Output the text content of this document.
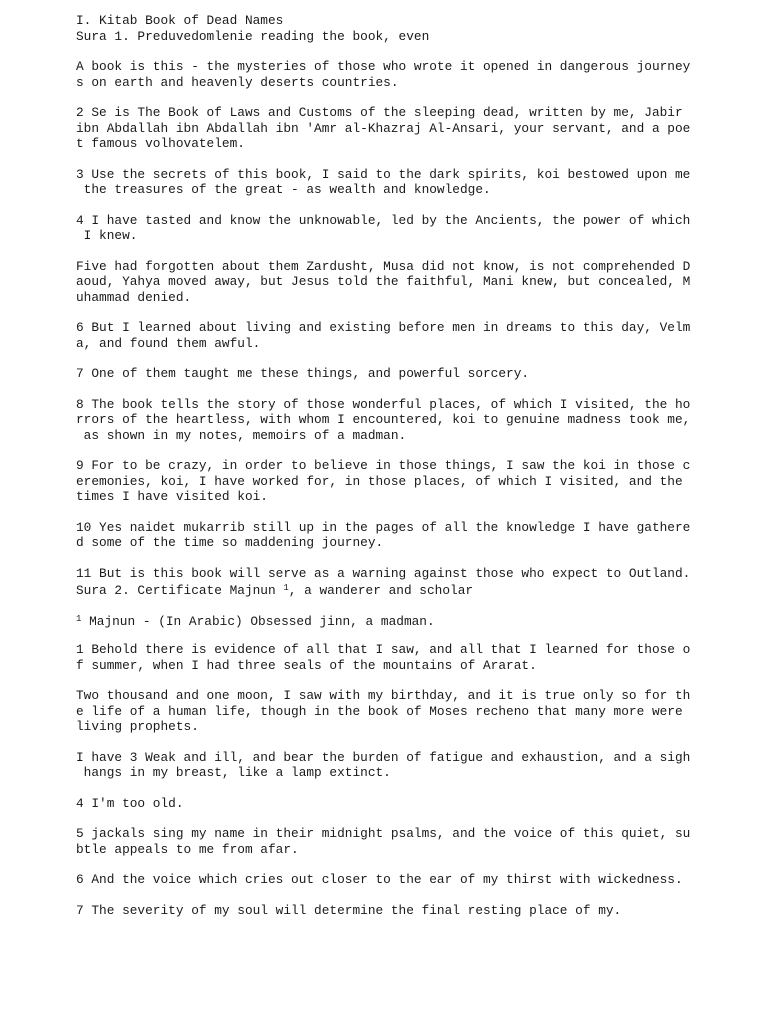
I. Kitab Book of Dead Names
Sura 1. Preduvedomlenie reading the book, even
A book is this - the mysteries of those who wrote it opened in dangerous journey
s on earth and heavenly deserts countries.
2 Se is The Book of Laws and Customs of the sleeping dead, written by me, Jabir
ibn Abdallah ibn Abdallah ibn 'Amr al-Khazraj Al-Ansari, your servant, and a poe
t famous volhovatelem.
3 Use the secrets of this book, I said to the dark spirits, koi bestowed upon me
the treasures of the great - as wealth and knowledge.
4 I have tasted and know the unknowable, led by the Ancients, the power of which
I knew.
Five had forgotten about them Zardusht, Musa did not know, is not comprehended D
aoud, Yahya moved away, but Jesus told the faithful, Mani knew, but concealed, M
uhammad denied.
6 But I learned about living and existing before men in dreams to this day, Velm
a, and found them awful.
7 One of them taught me these things, and powerful sorcery.
8 The book tells the story of those wonderful places, of which I visited, the ho
rrors of the heartless, with whom I encountered, koi to genuine madness took me,
as shown in my notes, memoirs of a madman.
9 For to be crazy, in order to believe in those things, I saw the koi in those c
eremonies, koi, I have worked for, in those places, of which I visited, and the
times I have visited koi.
10 Yes naidet mukarrib still up in the pages of all the knowledge I have gathere
d some of the time so maddening journey.
11 But is this book will serve as a warning against those who expect to Outland.
Sura 2. Certificate Majnun $^1$, a wanderer and scholar
$^1$ Majnun - (In Arabic) Obsessed jinn, a madman.
1 Behold there is evidence of all that I saw, and all that I learned for those o
f summer, when I had three seals of the mountains of Ararat.
Two thousand and one moon, I saw with my birthday, and it is true only so for th
e life of a human life, though in the book of Moses recheno that many more were
living prophets.
I have 3 Weak and ill, and bear the burden of fatigue and exhaustion, and a sigh
hangs in my breast, like a lamp extinct.
4 I'm too old.
5 jackals sing my name in their midnight psalms, and the voice of this quiet, su
btle appeals to me from afar.
6 And the voice which cries out closer to the ear of my thirst with wickedness.
7 The severity of my soul will determine the final resting place of my.
